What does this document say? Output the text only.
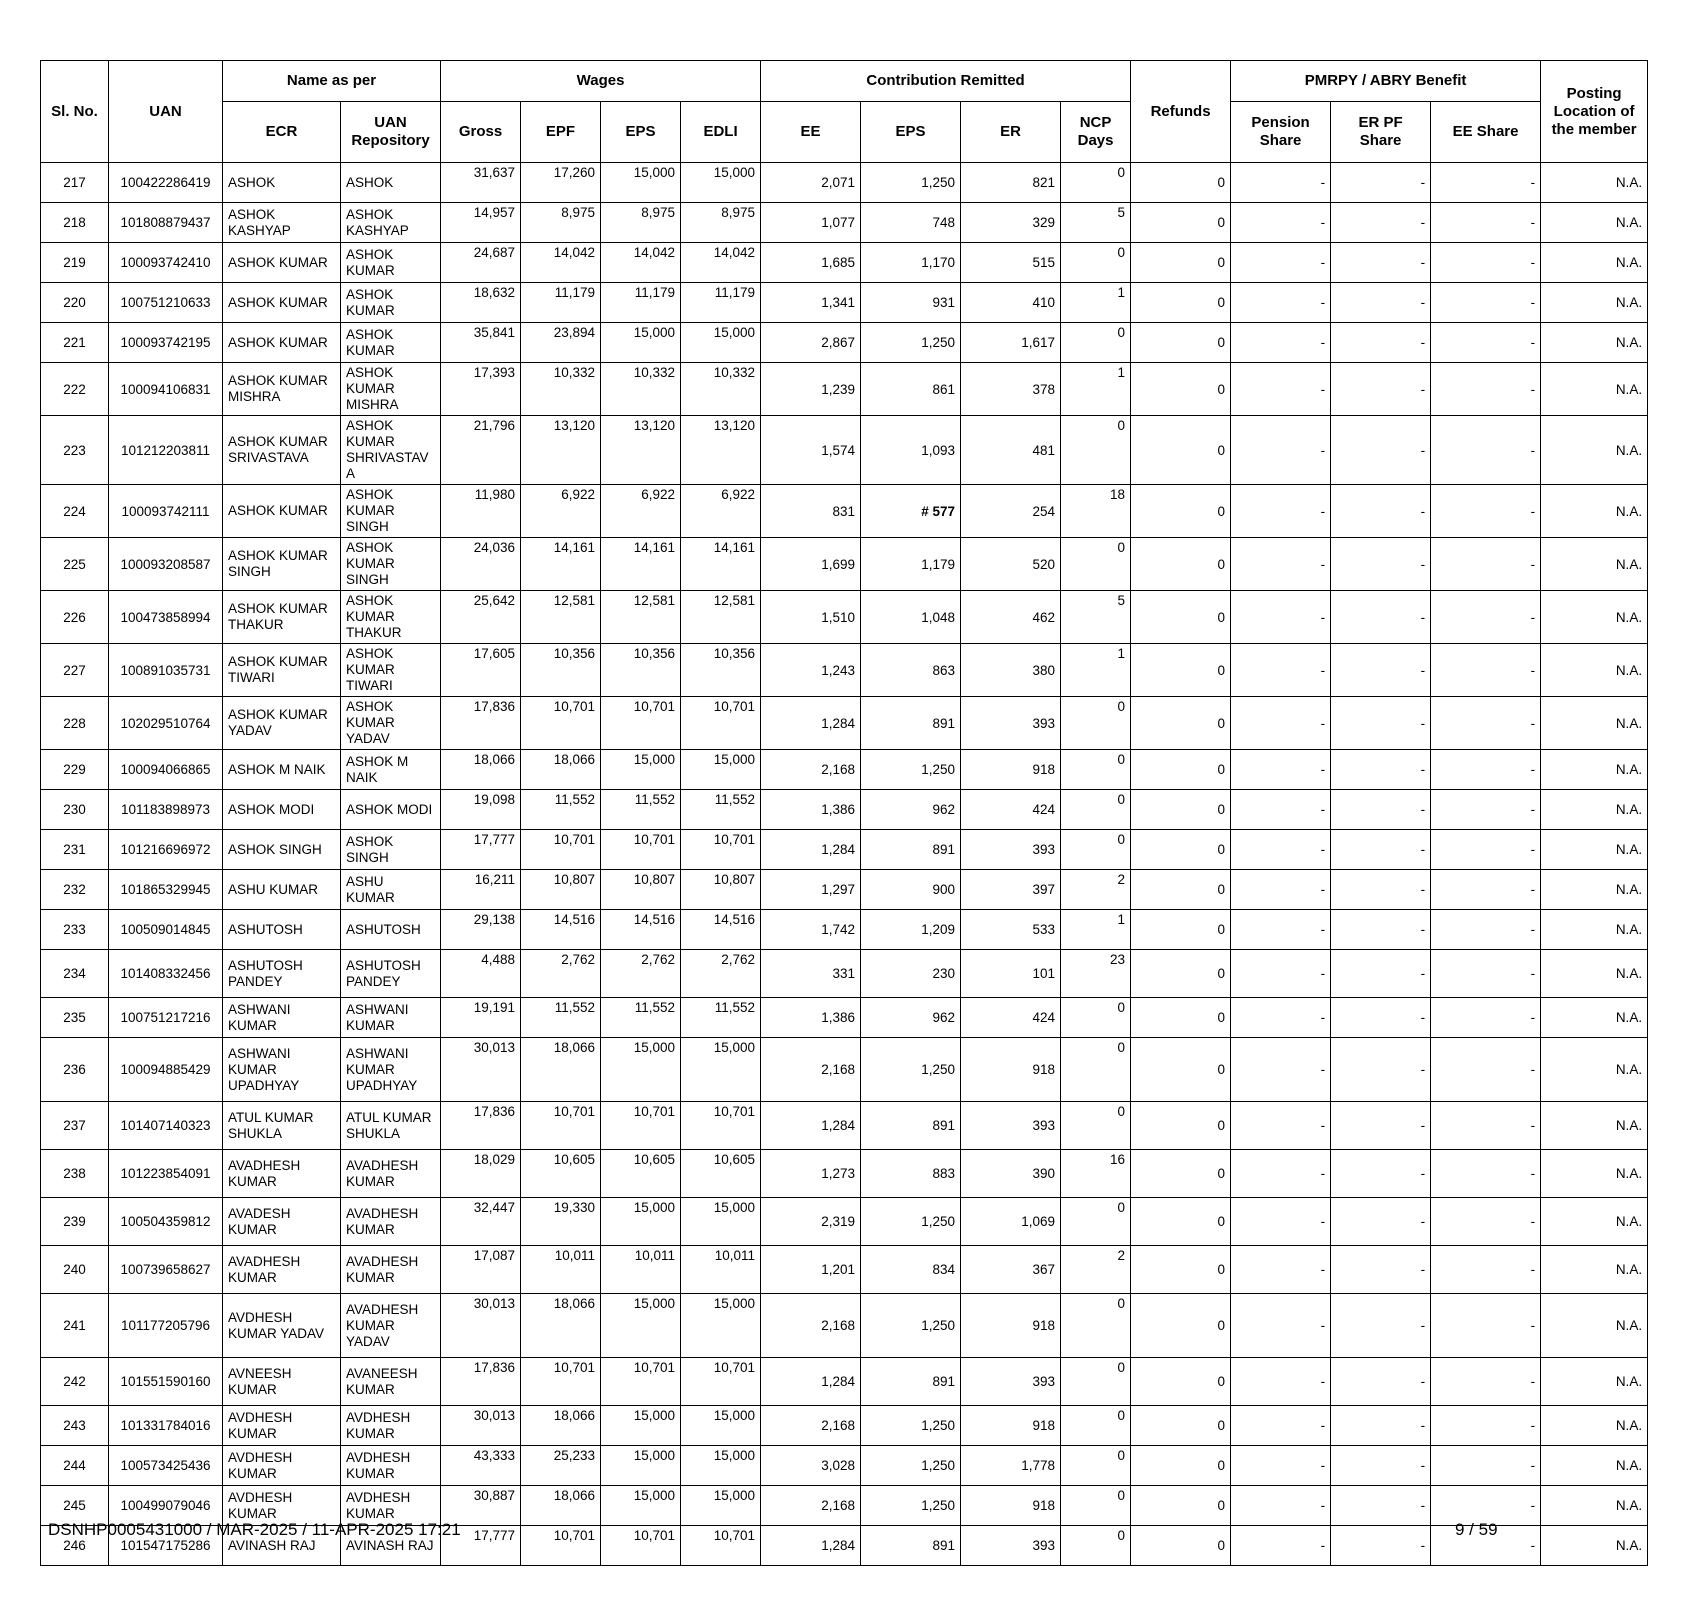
Sl. No.	UAN	Name as per		Wages				Contribution Remitted				Refunds	PMRPY / ABRY Benefit			Posting Location of the member
		ECR	UAN Repository	Gross	EPF	EPS	EDLI	EE	EPS	ER	NCP Days		Pension Share	ER PF Share	EE Share	
217	100422286419	ASHOK	ASHOK	31,637	17,260	15,000	15,000	2,071	1,250	821	0	0	-	-	-	N.A.
218	101808879437	ASHOK KASHYAP	ASHOK KASHYAP	14,957	8,975	8,975	8,975	1,077	748	329	5	0	-	-	-	N.A.
219	100093742410	ASHOK KUMAR	ASHOK KUMAR	24,687	14,042	14,042	14,042	1,685	1,170	515	0	0	-	-	-	N.A.
220	100751210633	ASHOK KUMAR	ASHOK KUMAR	18,632	11,179	11,179	11,179	1,341	931	410	1	0	-	-	-	N.A.
221	100093742195	ASHOK KUMAR	ASHOK KUMAR	35,841	23,894	15,000	15,000	2,867	1,250	1,617	0	0	-	-	-	N.A.
222	100094106831	ASHOK KUMAR MISHRA	ASHOK KUMAR MISHRA	17,393	10,332	10,332	10,332	1,239	861	378	1	0	-	-	-	N.A.
223	101212203811	ASHOK KUMAR SRIVASTAVA	ASHOK KUMAR SHRIVASTAV A	21,796	13,120	13,120	13,120	1,574	1,093	481	0	0	-	-	-	N.A.
224	100093742111	ASHOK KUMAR	ASHOK KUMAR SINGH	11,980	6,922	6,922	6,922	831	# 577	254	18	0	-	-	-	N.A.
225	100093208587	ASHOK KUMAR SINGH	ASHOK KUMAR SINGH	24,036	14,161	14,161	14,161	1,699	1,179	520	0	0	-	-	-	N.A.
226	100473858994	ASHOK KUMAR THAKUR	ASHOK KUMAR THAKUR	25,642	12,581	12,581	12,581	1,510	1,048	462	5	0	-	-	-	N.A.
227	100891035731	ASHOK KUMAR TIWARI	ASHOK KUMAR TIWARI	17,605	10,356	10,356	10,356	1,243	863	380	1	0	-	-	-	N.A.
228	102029510764	ASHOK KUMAR YADAV	ASHOK KUMAR YADAV	17,836	10,701	10,701	10,701	1,284	891	393	0	0	-	-	-	N.A.
229	100094066865	ASHOK M NAIK	ASHOK M NAIK	18,066	18,066	15,000	15,000	2,168	1,250	918	0	0	-	-	-	N.A.
230	101183898973	ASHOK MODI	ASHOK MODI	19,098	11,552	11,552	11,552	1,386	962	424	0	0	-	-	-	N.A.
231	101216696972	ASHOK SINGH	ASHOK SINGH	17,777	10,701	10,701	10,701	1,284	891	393	0	0	-	-	-	N.A.
232	101865329945	ASHU KUMAR	ASHU KUMAR	16,211	10,807	10,807	10,807	1,297	900	397	2	0	-	-	-	N.A.
233	100509014845	ASHUTOSH	ASHUTOSH	29,138	14,516	14,516	14,516	1,742	1,209	533	1	0	-	-	-	N.A.
234	101408332456	ASHUTOSH PANDEY	ASHUTOSH PANDEY	4,488	2,762	2,762	2,762	331	230	101	23	0	-	-	-	N.A.
235	100751217216	ASHWANI KUMAR	ASHWANI KUMAR	19,191	11,552	11,552	11,552	1,386	962	424	0	0	-	-	-	N.A.
236	100094885429	ASHWANI KUMAR UPADHYAY	ASHWANI KUMAR UPADHYAY	30,013	18,066	15,000	15,000	2,168	1,250	918	0	0	-	-	-	N.A.
237	101407140323	ATUL KUMAR SHUKLA	ATUL KUMAR SHUKLA	17,836	10,701	10,701	10,701	1,284	891	393	0	0	-	-	-	N.A.
238	101223854091	AVADHESH KUMAR	AVADHESH KUMAR	18,029	10,605	10,605	10,605	1,273	883	390	16	0	-	-	-	N.A.
239	100504359812	AVADESH KUMAR	AVADHESH KUMAR	32,447	19,330	15,000	15,000	2,319	1,250	1,069	0	0	-	-	-	N.A.
240	100739658627	AVADHESH KUMAR	AVADHESH KUMAR	17,087	10,011	10,011	10,011	1,201	834	367	2	0	-	-	-	N.A.
241	101177205796	AVDHESH KUMAR YADAV	AVADHESH KUMAR YADAV	30,013	18,066	15,000	15,000	2,168	1,250	918	0	0	-	-	-	N.A.
242	101551590160	AVNEESH KUMAR	AVANEESH KUMAR	17,836	10,701	10,701	10,701	1,284	891	393	0	0	-	-	-	N.A.
243	101331784016	AVDHESH KUMAR	AVDHESH KUMAR	30,013	18,066	15,000	15,000	2,168	1,250	918	0	0	-	-	-	N.A.
244	100573425436	AVDHESH KUMAR	AVDHESH KUMAR	43,333	25,233	15,000	15,000	3,028	1,250	1,778	0	0	-	-	-	N.A.
245	100499079046	AVDHESH KUMAR	AVDHESH KUMAR	30,887	18,066	15,000	15,000	2,168	1,250	918	0	0	-	-	-	N.A.
246	101547175286	AVINASH RAJ	AVINASH RAJ	17,777	10,701	10,701	10,701	1,284	891	393	0	0	-	-	-	N.A.
DSNHP0005431000 / MAR-2025 / 11-APR-2025 17:21	9 / 59
